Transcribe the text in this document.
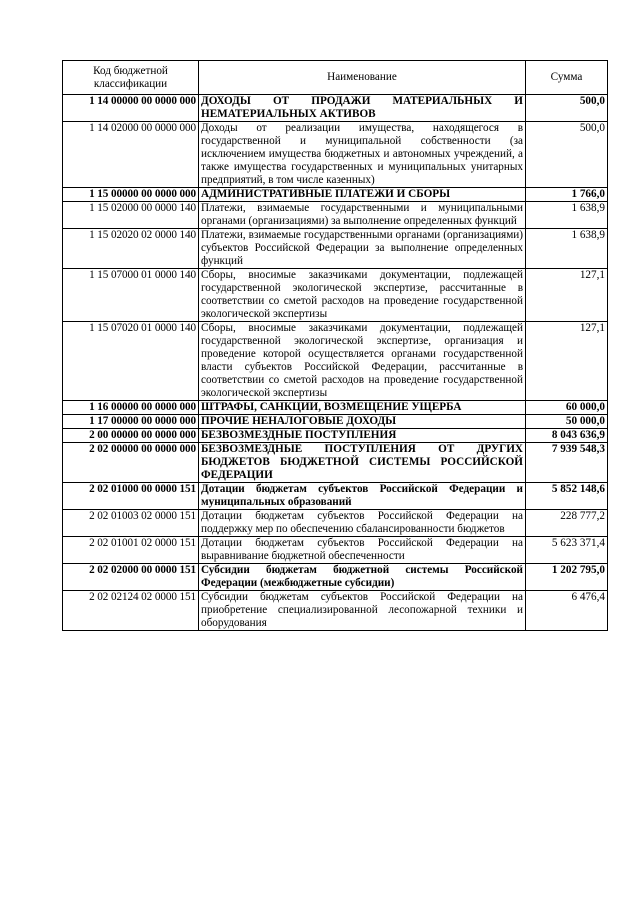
Код бюджетной классификации	Наименование	Сумма
1 14 00000 00 0000 000	ДОХОДЫ ОТ ПРОДАЖИ МАТЕРИАЛЬНЫХ И НЕМАТЕРИАЛЬНЫХ АКТИВОВ	500,0
1 14 02000 00 0000 000	Доходы от реализации имущества, находящегося в государственной и муниципальной собственности (за исключением имущества бюджетных и автономных учреждений, а также имущества государственных и муниципальных унитарных предприятий, в том числе казенных)	500,0
1 15 00000 00 0000 000	АДМИНИСТРАТИВНЫЕ ПЛАТЕЖИ И СБОРЫ	1 766,0
1 15 02000 00 0000 140	Платежи, взимаемые государственными и муниципальными органами (организациями) за выполнение определенных функций	1 638,9
1 15 02020 02 0000 140	Платежи, взимаемые государственными органами (организациями) субъектов Российской Федерации за выполнение определенных функций	1 638,9
1 15 07000 01 0000 140	Сборы, вносимые заказчиками документации, подлежащей государственной экологической экспертизе, рассчитанные в соответствии со сметой расходов на проведение государственной экологической экспертизы	127,1
1 15 07020 01 0000 140	Сборы, вносимые заказчиками документации, подлежащей государственной экологической экспертизе, организация и проведение которой осуществляется органами государственной власти субъектов Российской Федерации, рассчитанные в соответствии со сметой расходов на проведение государственной экологической экспертизы	127,1
1 16 00000 00 0000 000	ШТРАФЫ, САНКЦИИ, ВОЗМЕЩЕНИЕ УЩЕРБА	60 000,0
1 17 00000 00 0000 000	ПРОЧИЕ НЕНАЛОГОВЫЕ ДОХОДЫ	50 000,0
2 00 00000 00 0000 000	БЕЗВОЗМЕЗДНЫЕ ПОСТУПЛЕНИЯ	8 043 636,9
2 02 00000 00 0000 000	БЕЗВОЗМЕЗДНЫЕ ПОСТУПЛЕНИЯ ОТ ДРУГИХ БЮДЖЕТОВ БЮДЖЕТНОЙ СИСТЕМЫ РОССИЙСКОЙ ФЕДЕРАЦИИ	7 939 548,3
2 02 01000 00 0000 151	Дотации бюджетам субъектов Российской Федерации и муниципальных образований	5 852 148,6
2 02 01003 02 0000 151	Дотации бюджетам субъектов Российской Федерации на поддержку мер по обеспечению сбалансированности бюджетов	228 777,2
2 02 01001 02 0000 151	Дотации бюджетам субъектов Российской Федерации на выравнивание бюджетной обеспеченности	5 623 371,4
2 02 02000 00 0000 151	Субсидии бюджетам бюджетной системы Российской Федерации (межбюджетные субсидии)	1 202 795,0
2 02 02124 02 0000 151	Субсидии бюджетам субъектов Российской Федерации на приобретение специализированной лесопожарной техники и оборудования	6 476,4
